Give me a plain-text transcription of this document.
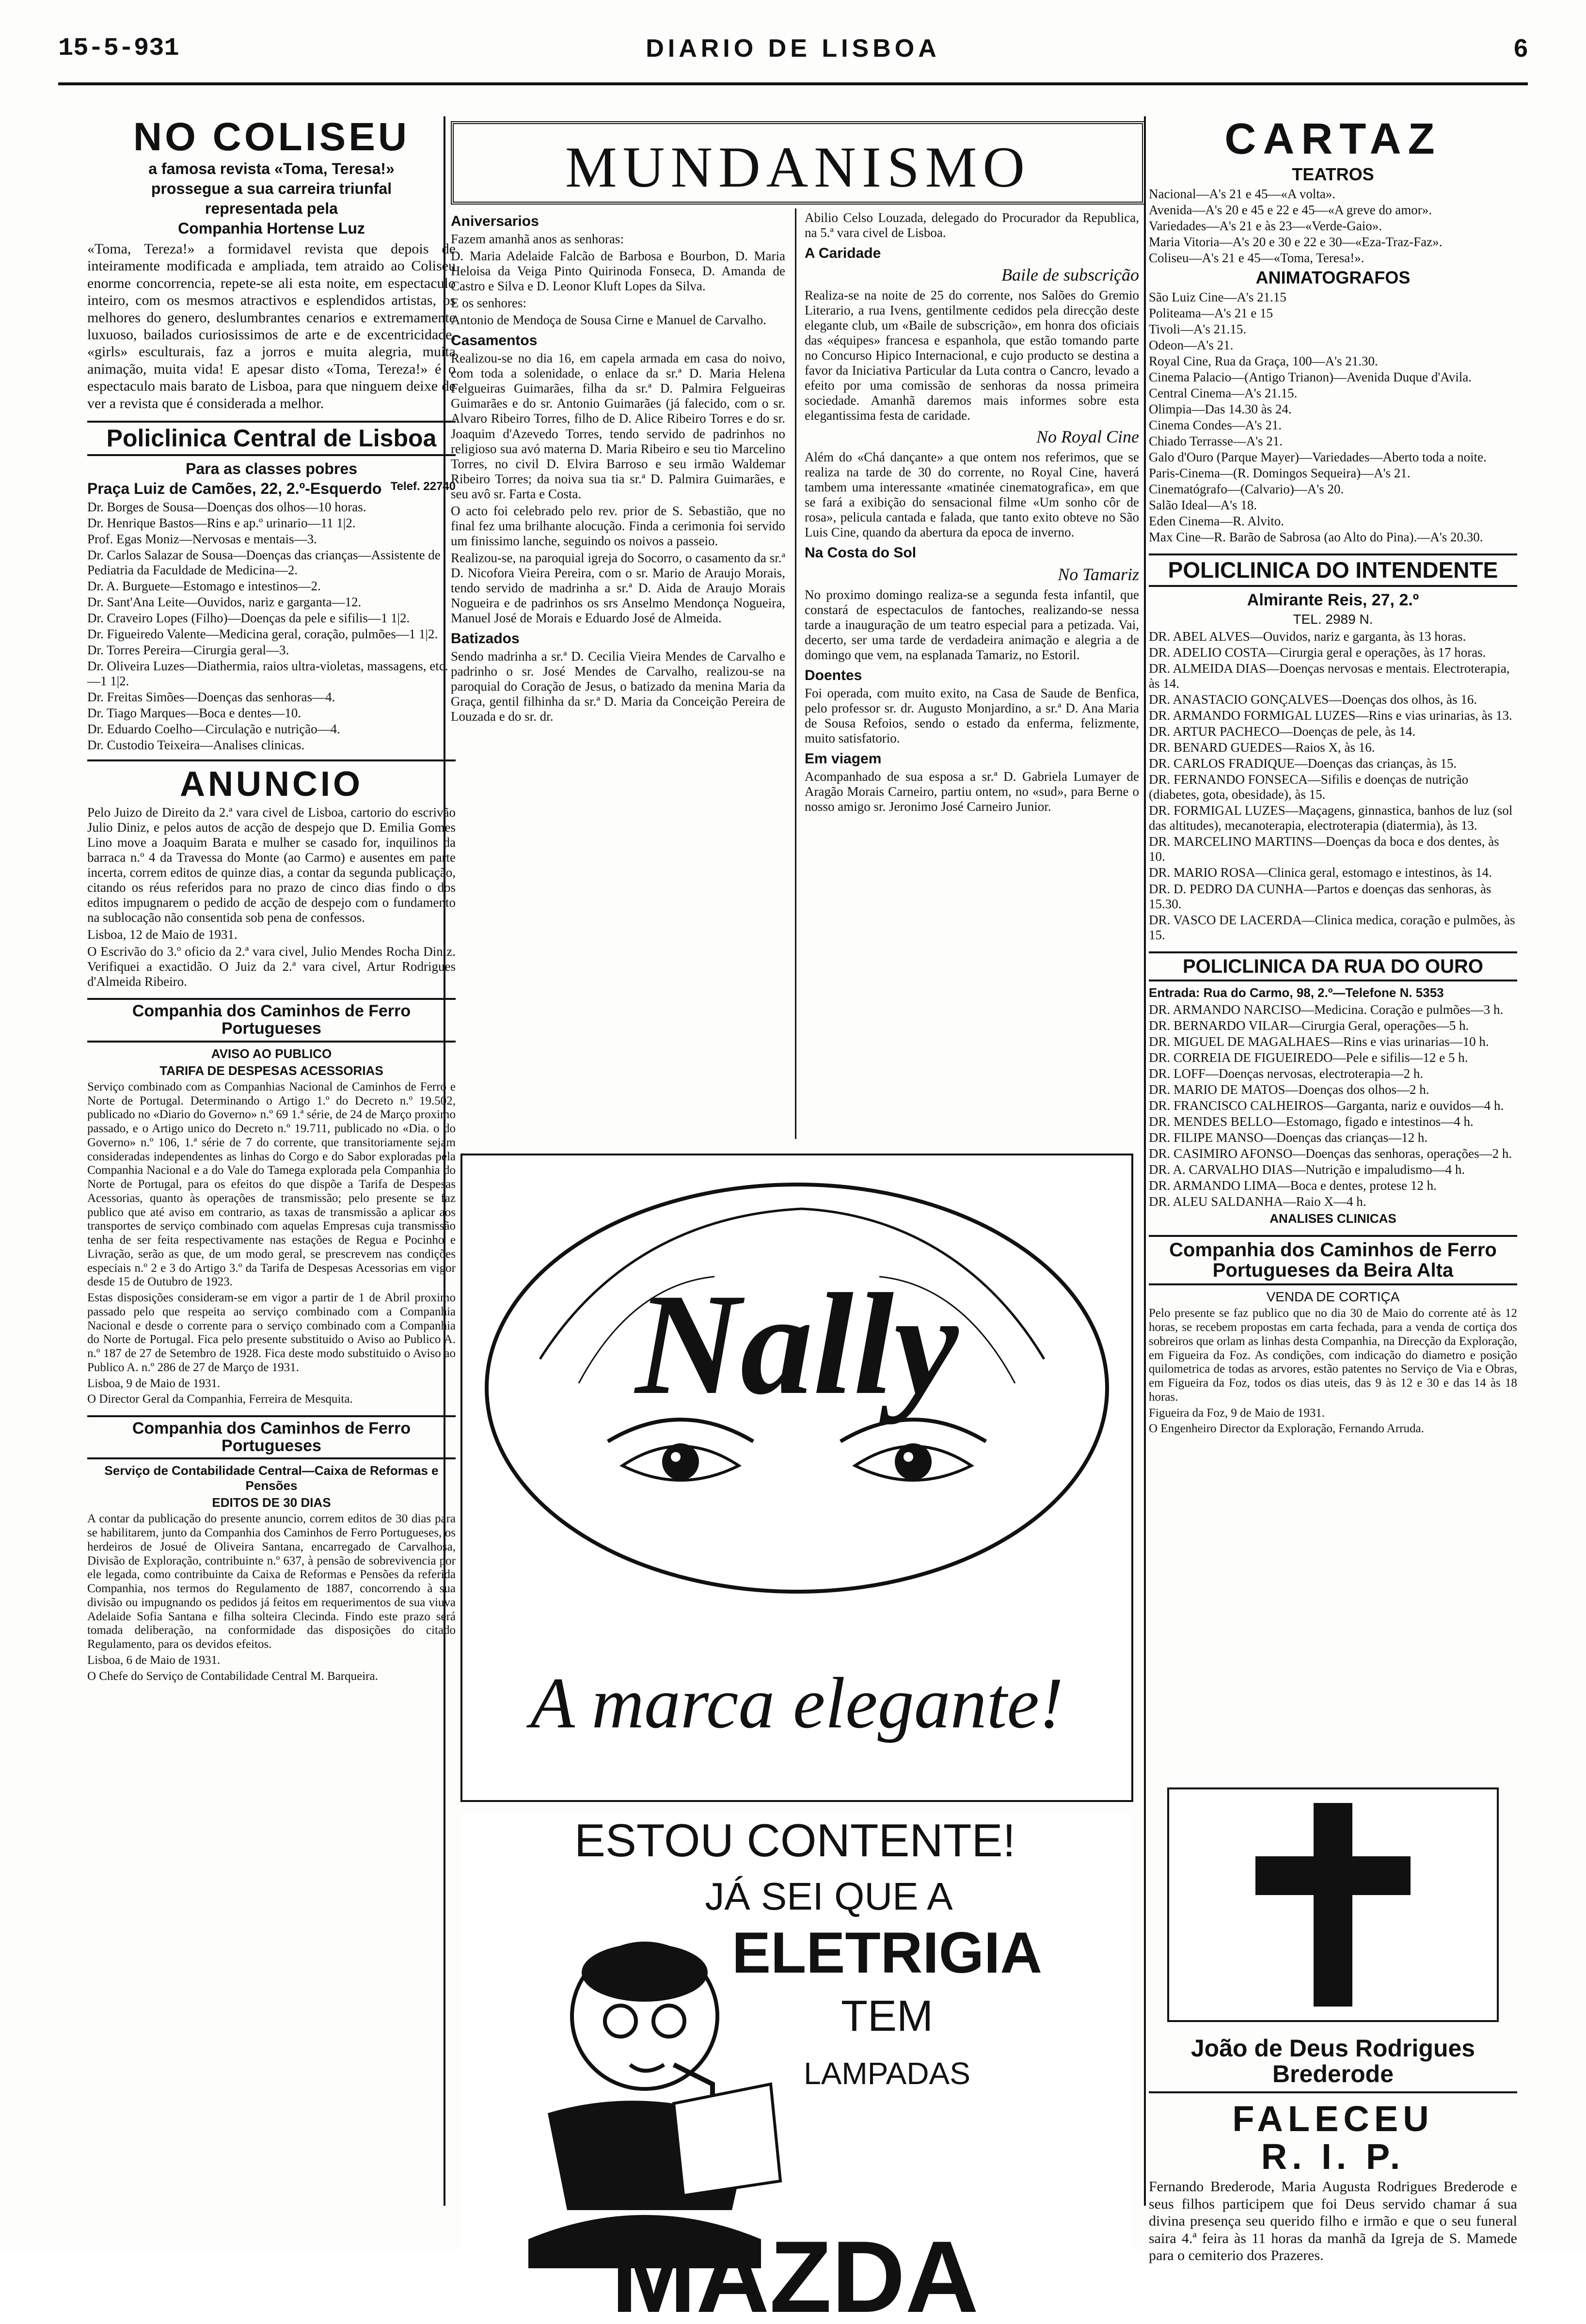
15-5-931	DIARIO DE LISBOA	6
NO COLISEU
a famosa revista «Toma, Teresa!»
prossegue a sua carreira triunfal
representada pela
Companhia Hortense Luz

«Toma, Tereza!» a formidavel revista que depois de inteiramente modificada e ampliada, tem atraido ao Coliseu enorme concorrencia, repete-se ali esta noite, em espectaculo inteiro, com os mesmos atractivos e esplendidos artistas, os melhores do genero, deslumbrantes cenarios e extremamente luxuoso, bailados curiosissimos de arte e de excentricidade, «girls» esculturais, faz a jorros e muita alegria, muita animação, muita vida! E apesar disto «Toma, Tereza!» é o espectaculo mais barato de Lisboa, para que ninguem deixe de ver a revista que é considerada a melhor.

Policlinica Central de Lisboa
Para as classes pobres
Praça Luiz de Camões, 22, 2.º-Esquerdo Telef. 22740
Dr. Borges de Sousa—Doenças dos olhos—10 horas.
Dr. Henrique Bastos—Rins e ap.º urinario—11 1|2.
Prof. Egas Moniz—Nervosas e mentais—3.
Dr. Carlos Salazar de Sousa—Doenças das crianças—Assistente de Pediatria da Faculdade de Medicina—2.
Dr. A. Burguete—Estomago e intestinos—2.
Dr. Sant'Ana Leite—Ouvidos, nariz e garganta—12.
Dr. Craveiro Lopes (Filho)—Doenças da pele e sifilis—1 1|2.
Dr. Figueiredo Valente—Medicina geral, coração, pulmões—1 1|2.
Dr. Torres Pereira—Cirurgia geral—3.
Dr. Oliveira Luzes—Diathermia, raios ultra-violetas, massagens, etc.—1 1|2.
Dr. Freitas Simões—Doenças das senhoras—4.
Dr. Tiago Marques—Boca e dentes—10.
Dr. Eduardo Coelho—Circulação e nutrição—4.
Dr. Custodio Teixeira—Analises clinicas.
ANUNCIO

Pelo Juizo de Direito da 2.ª vara civel de Lisboa, cartorio do escrivão Julio Diniz, e pelos autos de acção de despejo que D. Emilia Gomes Lino move a Joaquim Barata e mulher se casado for, inquilinos da barraca n.º 4 da Travessa do Monte (ao Carmo) e ausentes em parte incerta, correm editos de quinze dias, a contar da segunda publicação, citando os réus referidos para no prazo de cinco dias findo o dos editos impugnarem o pedido de acção de despejo com o fundamento na sublocação não consentida sob pena de confessos.

Lisboa, 12 de Maio de 1931.

O Escrivão do 3.º oficio da 2.ª vara civel, Julio Mendes Rocha Diniz. Verifiquei a exactidão. O Juiz da 2.ª vara civel, Artur Rodrigues d'Almeida Ribeiro.

Companhia dos Caminhos de Ferro Portugueses
AVISO AO PUBLICO
TARIFA DE DESPESAS ACESSORIAS

Serviço combinado com as Companhias Nacional de Caminhos de Ferro e Norte de Portugal. Determinando o Artigo 1.º do Decreto n.º 19.502, publicado no «Diario do Governo» n.º 69 1.ª série, de 24 de Março proximo passado, e o Artigo unico do Decreto n.º 19.711, publicado no «Dia. o do Governo» n.º 106, 1.ª série de 7 do corrente, que transitoriamente sejam consideradas independentes as linhas do Corgo e do Sabor exploradas pela Companhia Nacional e a do Vale do Tamega explorada pela Companhia do Norte de Portugal, para os efeitos do que dispõe a Tarifa de Despesas Acessorias, quanto às operações de transmissão; pelo presente se faz publico que até aviso em contrario, as taxas de transmissão a aplicar aos transportes de serviço combinado com aquelas Empresas cuja transmissão tenha de ser feita respectivamente nas estações de Regua e Pocinho e Livração, serão as que, de um modo geral, se prescrevem nas condições especiais n.º 2 e 3 do Artigo 3.º da Tarifa de Despesas Acessorias em vigor desde 15 de Outubro de 1923.

Estas disposições consideram-se em vigor a partir de 1 de Abril proximo passado pelo que respeita ao serviço combinado com a Companhia Nacional e desde o corrente para o serviço combinado com a Companhia do Norte de Portugal. Fica pelo presente substituido o Aviso ao Publico A. n.º 187 de 27 de Setembro de 1928. Fica deste modo substituido o Aviso ao Publico A. n.º 286 de 27 de Março de 1931.

Lisboa, 9 de Maio de 1931.

O Director Geral da Companhia, Ferreira de Mesquita.

Companhia dos Caminhos de Ferro Portugueses
Serviço de Contabilidade Central—Caixa de Reformas e Pensões
EDITOS DE 30 DIAS

A contar da publicação do presente anuncio, correm editos de 30 dias para se habilitarem, junto da Companhia dos Caminhos de Ferro Portugueses, os herdeiros de Josué de Oliveira Santana, encarregado de Carvalhosa, Divisão de Exploração, contribuinte n.º 637, à pensão de sobrevivencia por ele legada, como contribuinte da Caixa de Reformas e Pensões da referida Companhia, nos termos do Regulamento de 1887, concorrendo à sua divisão ou impugnando os pedidos já feitos em requerimentos de sua viuva Adelaide Sofia Santana e filha solteira Clecinda. Findo este prazo será tomada deliberação, na conformidade das disposições do citado Regulamento, para os devidos efeitos.

Lisboa, 6 de Maio de 1931.

O Chefe do Serviço de Contabilidade Central M. Barqueira.

MUNDANISMO
Aniversarios

Fazem amanhã anos as senhoras:

D. Maria Adelaide Falcão de Barbosa e Bourbon, D. Maria Heloisa da Veiga Pinto Quirinoda Fonseca, D. Amanda de Castro e Silva e D. Leonor Kluft Lopes da Silva.

E os senhores:

Antonio de Mendoça de Sousa Cirne e Manuel de Carvalho.

Casamentos

Realizou-se no dia 16, em capela armada em casa do noivo, com toda a solenidade, o enlace da sr.ª D. Maria Helena Felgueiras Guimarães, filha da sr.ª D. Palmira Felgueiras Guimarães e do sr. Antonio Guimarães (já falecido, com o sr. Alvaro Ribeiro Torres, filho de D. Alice Ribeiro Torres e do sr. Joaquim d'Azevedo Torres, tendo servido de padrinhos no religioso sua avó materna D. Maria Ribeiro e seu tio Marcelino Torres, no civil D. Elvira Barroso e seu irmão Waldemar Ribeiro Torres; da noiva sua tia sr.ª D. Palmira Guimarães, e seu avô sr. Farta e Costa.

O acto foi celebrado pelo rev. prior de S. Sebastião, que no final fez uma brilhante alocução. Finda a cerimonia foi servido um finissimo lanche, seguindo os noivos a passeio.

Realizou-se, na paroquial igreja do Socorro, o casamento da sr.ª D. Nicofora Vieira Pereira, com o sr. Mario de Araujo Morais, tendo servido de madrinha a sr.ª D. Aida de Araujo Morais Nogueira e de padrinhos os srs Anselmo Mendonça Nogueira, Manuel José de Morais e Eduardo José de Almeida.

Batizados

Sendo madrinha a sr.ª D. Cecilia Vieira Mendes de Carvalho e padrinho o sr. José Mendes de Carvalho, realizou-se na paroquial do Coração de Jesus, o batizado da menina Maria da Graça, gentil filhinha da sr.ª D. Maria da Conceição Pereira de Louzada e do sr. dr.

Abilio Celso Louzada, delegado do Procurador da Republica, na 5.ª vara civel de Lisboa.

A Caridade
Baile de subscrição

Realiza-se na noite de 25 do corrente, nos Salões do Gremio Literario, a rua Ivens, gentilmente cedidos pela direcção deste elegante club, um «Baile de subscrição», em honra dos oficiais das «équipes» francesa e espanhola, que estão tomando parte no Concurso Hipico Internacional, e cujo producto se destina a favor da Iniciativa Particular da Luta contra o Cancro, levado a efeito por uma comissão de senhoras da nossa primeira sociedade. Amanhã daremos mais informes sobre esta elegantissima festa de caridade.

No Royal Cine

Além do «Chá dançante» a que ontem nos referimos, que se realiza na tarde de 30 do corrente, no Royal Cine, haverá tambem uma interessante «matinée cinematografica», em que se fará a exibição do sensacional filme «Um sonho côr de rosa», pelicula cantada e falada, que tanto exito obteve no São Luis Cine, quando da abertura da epoca de inverno.

Na Costa do Sol
No Tamariz

No proximo domingo realiza-se a segunda festa infantil, que constará de espectaculos de fantoches, realizando-se nessa tarde a inauguração de um teatro especial para a petizada. Vai, decerto, ser uma tarde de verdadeira animação e alegria a de domingo que vem, na esplanada Tamariz, no Estoril.

Doentes

Foi operada, com muito exito, na Casa de Saude de Benfica, pelo professor sr. dr. Augusto Monjardino, a sr.ª D. Ana Maria de Sousa Refoios, sendo o estado da enferma, felizmente, muito satisfatorio.

Em viagem

Acompanhado de sua esposa a sr.ª D. Gabriela Lumayer de Aragão Morais Carneiro, partiu ontem, no «sud», para Berne o nosso amigo sr. Jeronimo José Carneiro Junior.

Nally
A marca elegante!
ESTOU CONTENTE!
JÁ SEI QUE A
ELETRIGIA
TEM
LAMPADAS
MAZDA
CARTAZ
TEATROS
Nacional—A's 21 e 45—«A volta».
Avenida—A's 20 e 45 e 22 e 45—«A greve do amor».
Variedades—A's 21 e às 23—«Verde-Gaio».
Maria Vitoria—A's 20 e 30 e 22 e 30—«Eza-Traz-Faz».
Coliseu—A's 21 e 45—«Toma, Teresa!».
ANIMATOGRAFOS
São Luiz Cine—A's 21.15
Politeama—A's 21 e 15
Tivoli—A's 21.15.
Odeon—A's 21.
Royal Cine, Rua da Graça, 100—A's 21.30.
Cinema Palacio—(Antigo Trianon)—Avenida Duque d'Avila.
Central Cinema—A's 21.15.
Olimpia—Das 14.30 às 24.
Cinema Condes—A's 21.
Chiado Terrasse—A's 21.
Galo d'Ouro (Parque Mayer)—Variedades—Aberto toda a noite.
Paris-Cinema—(R. Domingos Sequeira)—A's 21.
Cinematógrafo—(Calvario)—A's 20.
Salão Ideal—A's 18.
Eden Cinema—R. Alvito.
Max Cine—R. Barão de Sabrosa (ao Alto do Pina).—A's 20.30.
POLICLINICA DO INTENDENTE
Almirante Reis, 27, 2.º
TEL. 2989 N.
DR. ABEL ALVES—Ouvidos, nariz e garganta, às 13 horas.
DR. ADELIO COSTA—Cirurgia geral e operações, às 17 horas.
DR. ALMEIDA DIAS—Doenças nervosas e mentais. Electroterapia, às 14.
DR. ANASTACIO GONÇALVES—Doenças dos olhos, às 16.
DR. ARMANDO FORMIGAL LUZES—Rins e vias urinarias, às 13.
DR. ARTUR PACHECO—Doenças de pele, às 14.
DR. BENARD GUEDES—Raios X, às 16.
DR. CARLOS FRADIQUE—Doenças das crianças, às 15.
DR. FERNANDO FONSECA—Sifilis e doenças de nutrição (diabetes, gota, obesidade), às 15.
DR. FORMIGAL LUZES—Maçagens, ginnastica, banhos de luz (sol das altitudes), mecanoterapia, electroterapia (diatermia), às 13.
DR. MARCELINO MARTINS—Doenças da boca e dos dentes, às 10.
DR. MARIO ROSA—Clinica geral, estomago e intestinos, às 14.
DR. D. PEDRO DA CUNHA—Partos e doenças das senhoras, às 15.30.
DR. VASCO DE LACERDA—Clinica medica, coração e pulmões, às 15.
POLICLINICA DA RUA DO OURO
Entrada: Rua do Carmo, 98, 2.º—Telefone N. 5353
DR. ARMANDO NARCISO—Medicina. Coração e pulmões—3 h.
DR. BERNARDO VILAR—Cirurgia Geral, operações—5 h.
DR. MIGUEL DE MAGALHAES—Rins e vias urinarias—10 h.
DR. CORREIA DE FIGUEIREDO—Pele e sifilis—12 e 5 h.
DR. LOFF—Doenças nervosas, electroterapia—2 h.
DR. MARIO DE MATOS—Doenças dos olhos—2 h.
DR. FRANCISCO CALHEIROS—Garganta, nariz e ouvidos—4 h.
DR. MENDES BELLO—Estomago, figado e intestinos—4 h.
DR. FILIPE MANSO—Doenças das crianças—12 h.
DR. CASIMIRO AFONSO—Doenças das senhoras, operações—2 h.
DR. A. CARVALHO DIAS—Nutrição e impaludismo—4 h.
DR. ARMANDO LIMA—Boca e dentes, protese 12 h.
DR. ALEU SALDANHA—Raio X—4 h.
ANALISES CLINICAS
Companhia dos Caminhos de Ferro Portugueses da Beira Alta
VENDA DE CORTIÇA

Pelo presente se faz publico que no dia 30 de Maio do corrente até às 12 horas, se recebem propostas em carta fechada, para a venda de cortiça dos sobreiros que orlam as linhas desta Companhia, na Direcção da Exploração, em Figueira da Foz. As condições, com indicação do diametro e posição quilometrica de todas as arvores, estão patentes no Serviço de Via e Obras, em Figueira da Foz, todos os dias uteis, das 9 às 12 e 30 e das 14 às 18 horas.

Figueira da Foz, 9 de Maio de 1931.

O Engenheiro Director da Exploração, Fernando Arruda.

João de Deus Rodrigues Brederode
FALECEU
R. I. P.

Fernando Brederode, Maria Augusta Rodrigues Brederode e seus filhos participem que foi Deus servido chamar á sua divina presença seu querido filho e irmão e que o seu funeral saira 4.ª feira às 11 horas da manhã da Igreja de S. Mamede para o cemiterio dos Prazeres.
